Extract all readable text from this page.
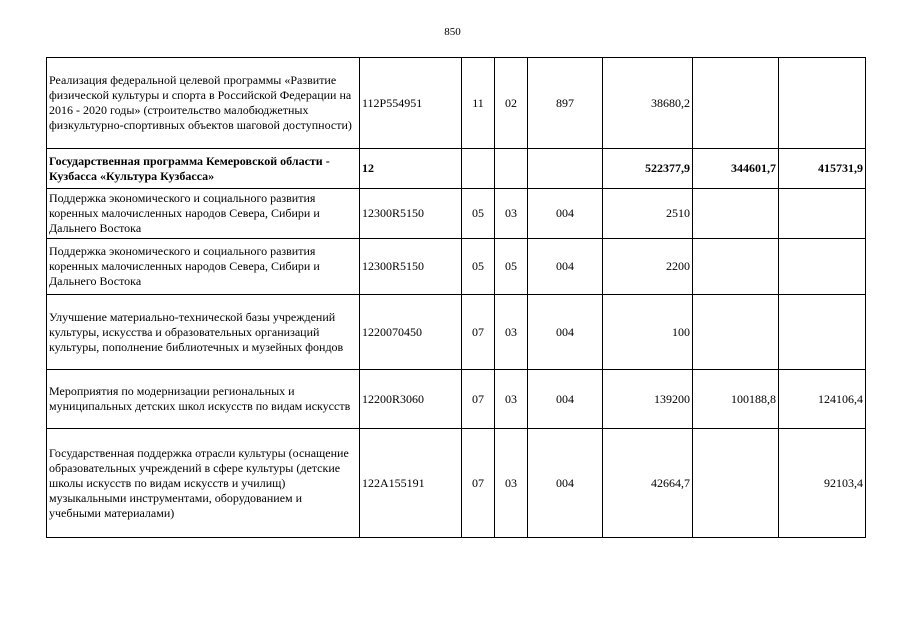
850
Реализация федеральной целевой программы «Развитие физической культуры и спорта в Российской Федерации на 2016 - 2020 годы» (строительство малобюджетных физкультурно-спортивных объектов шаговой доступности)	112P554951	11	02	897	38680,2		
Государственная программа Кемеровской области - Кузбасса «Культура Кузбасса»	12				522377,9	344601,7	415731,9
Поддержка экономического и социального развития коренных малочисленных народов Севера, Сибири и Дальнего Востока	12300R5150	05	03	004	2510		
Поддержка экономического и социального развития коренных малочисленных народов Севера, Сибири и Дальнего Востока	12300R5150	05	05	004	2200		
Улучшение материально-технической базы учреждений культуры, искусства и образовательных организаций культуры, пополнение библиотечных и музейных фондов	1220070450	07	03	004	100		
Мероприятия по модернизации региональных и муниципальных детских школ искусств по видам искусств	12200R3060	07	03	004	139200	100188,8	124106,4
Государственная поддержка отрасли культуры (оснащение образовательных учреждений в сфере культуры (детские школы искусств по видам искусств и училищ) музыкальными инструментами, оборудованием и учебными материалами)	122A155191	07	03	004	42664,7		92103,4
